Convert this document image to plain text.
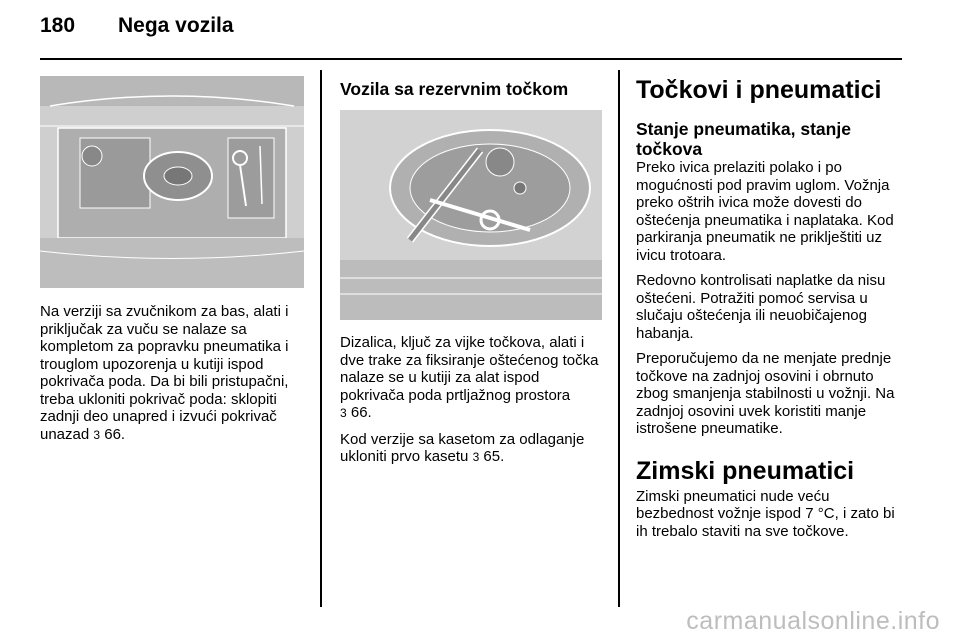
180 Nega vozila

Na verziji sa zvučnikom za bas, alati i priključak za vuču se nalaze sa kompletom za popravku pneumatika i trouglom upozorenja u kutiji ispod pokrivača poda. Da bi bili pristupačni, treba ukloniti pokrivač poda: sklopiti zadnji deo unapred i izvući pokrivač unazad 3 66.

Vozila sa rezervnim točkom

Dizalica, ključ za vijke točkova, alati i dve trake za fiksiranje oštećenog točka nalaze se u kutiji za alat ispod pokrivača poda prtljažnog prostora
3 66.

Kod verzije sa kasetom za odlaganje ukloniti prvo kasetu 3 65.

Točkovi i pneumatici
Stanje pneumatika, stanje točkova

Preko ivica prelaziti polako i po mogućnosti pod pravim uglom. Vožnja preko oštrih ivica može dovesti do oštećenja pneumatika i naplataka. Kod parkiranja pneumatik ne priklještiti uz ivicu trotoara.

Redovno kontrolisati naplatke da nisu oštećeni. Potražiti pomoć servisa u slučaju oštećenja ili neuobičajenog habanja.

Preporučujemo da ne menjate prednje točkove na zadnjoj osovini i obrnuto zbog smanjenja stabilnosti u vožnji. Na zadnjoj osovini uvek koristiti manje istrošene pneumatike.

Zimski pneumatici

Zimski pneumatici nude veću bezbednost vožnje ispod 7 °C, i zato bi ih trebalo staviti na sve točkove.

carmanualsonline.info
